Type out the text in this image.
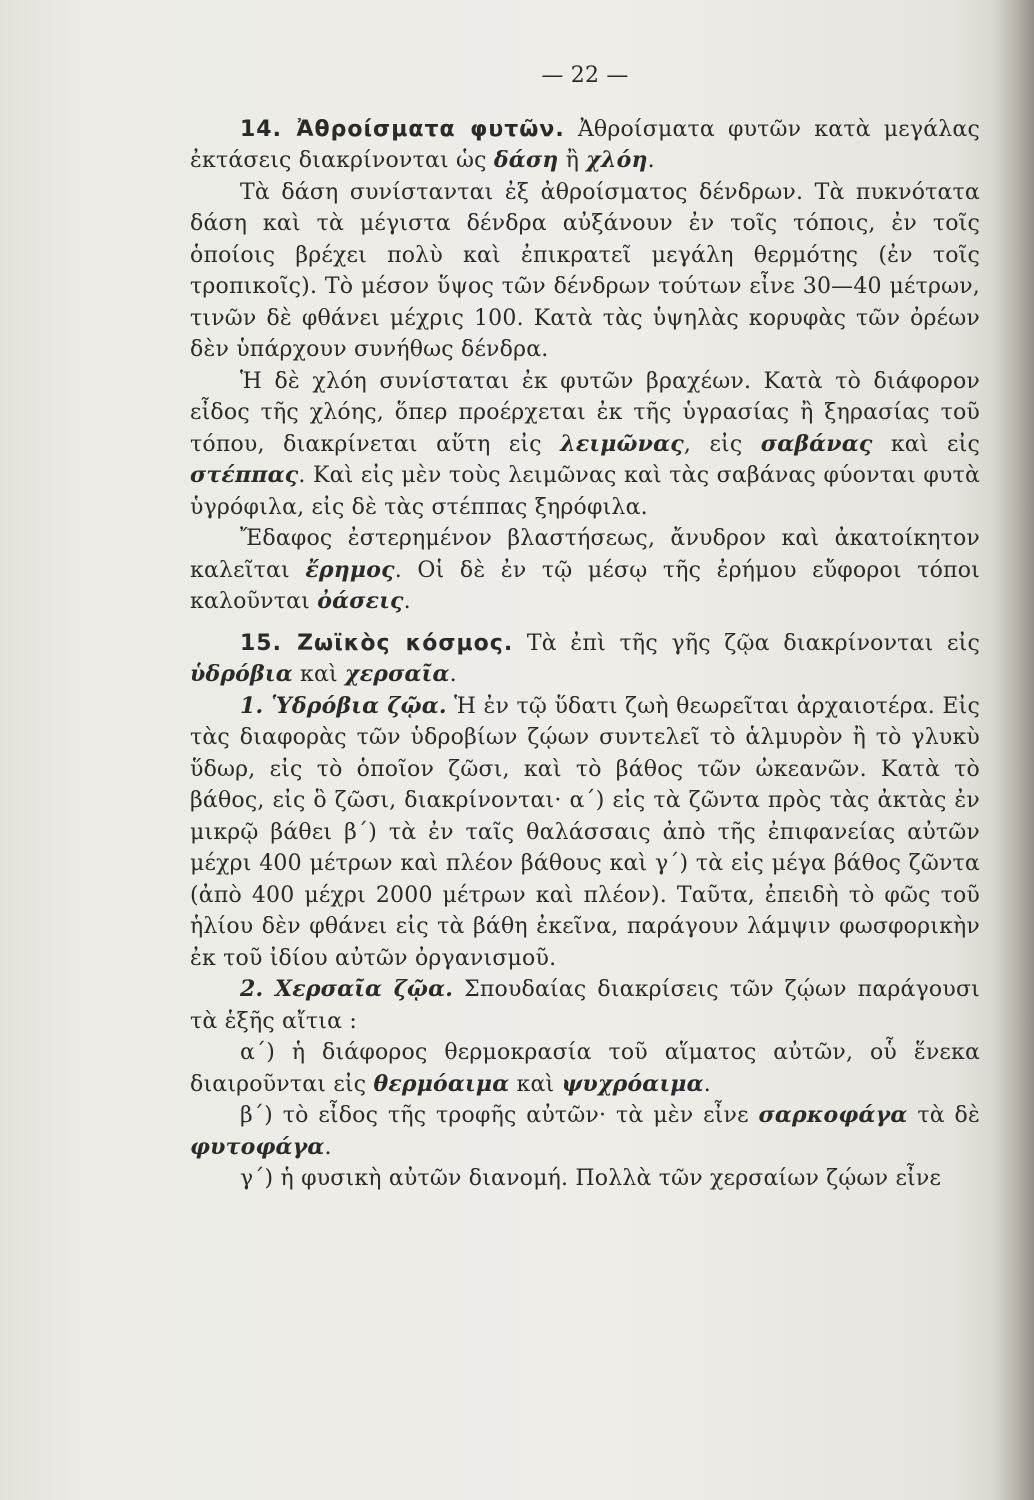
— 22 —

14. Ἀθροίσματα φυτῶν. Ἀθροίσματα φυτῶν κατὰ μεγάλας ἐκτάσεις διακρίνονται ὡς δάση ἢ χλόη.

Τὰ δάση συνίστανται ἐξ ἀθροίσματος δένδρων. Τὰ πυκνότατα δάση καὶ τὰ μέγιστα δένδρα αὐξάνουν ἐν τοῖς τόποις, ἐν τοῖς ὁποίοις βρέχει πολὺ καὶ ἐπικρατεῖ μεγάλη θερμότης (ἐν τοῖς τροπικοῖς). Τὸ μέσον ὕψος τῶν δένδρων τούτων εἶνε 30—40 μέτρων, τινῶν δὲ φθάνει μέχρις 100. Κατὰ τὰς ὑψηλὰς κορυφὰς τῶν ὀρέων δὲν ὑπάρχουν συνήθως δένδρα.

Ἡ δὲ χλόη συνίσταται ἐκ φυτῶν βραχέων. Κατὰ τὸ διάφορον εἶδος τῆς χλόης, ὅπερ προέρχεται ἐκ τῆς ὑγρασίας ἢ ξηρασίας τοῦ τόπου, διακρίνεται αὕτη εἰς λειμῶνας, εἰς σαβάνας καὶ εἰς στέππας. Καὶ εἰς μὲν τοὺς λειμῶνας καὶ τὰς σαβάνας φύονται φυτὰ ὑγρόφιλα, εἰς δὲ τὰς στέππας ξηρόφιλα.

Ἔδαφος ἐστερημένον βλαστήσεως, ἄνυδρον καὶ ἀκατοίκητον καλεῖται ἔρημος. Οἱ δὲ ἐν τῷ μέσῳ τῆς ἐρήμου εὔφοροι τόποι καλοῦνται ὀάσεις.

15. Ζωϊκὸς κόσμος. Τὰ ἐπὶ τῆς γῆς ζῷα διακρίνονται εἰς ὑδρόβια καὶ χερσαῖα.

1. Ὑδρόβια ζῷα. Ἡ ἐν τῷ ὕδατι ζωὴ θεωρεῖται ἀρχαιοτέρα. Εἰς τὰς διαφορὰς τῶν ὑδροβίων ζῴων συντελεῖ τὸ ἁλμυρὸν ἢ τὸ γλυκὺ ὕδωρ, εἰς τὸ ὁποῖον ζῶσι, καὶ τὸ βάθος τῶν ὠκεανῶν. Κατὰ τὸ βάθος, εἰς ὃ ζῶσι, διακρίνονται· α΄) εἰς τὰ ζῶντα πρὸς τὰς ἀκτὰς ἐν μικρῷ βάθει β΄) τὰ ἐν ταῖς θαλάσσαις ἀπὸ τῆς ἐπιφανείας αὐτῶν μέχρι 400 μέτρων καὶ πλέον βάθους καὶ γ΄) τὰ εἰς μέγα βάθος ζῶντα (ἀπὸ 400 μέχρι 2000 μέτρων καὶ πλέον). Ταῦτα, ἐπειδὴ τὸ φῶς τοῦ ἡλίου δὲν φθάνει εἰς τὰ βάθη ἐκεῖνα, παράγουν λάμψιν φωσφορικὴν ἐκ τοῦ ἰδίου αὐτῶν ὀργανισμοῦ.

2. Χερσαῖα ζῷα. Σπουδαίας διακρίσεις τῶν ζῴων παράγουσι τὰ ἑξῆς αἴτια :

α΄) ἡ διάφορος θερμοκρασία τοῦ αἵματος αὐτῶν, οὗ ἕνεκα διαιροῦνται εἰς θερμόαιμα καὶ ψυχρόαιμα.

β΄) τὸ εἶδος τῆς τροφῆς αὐτῶν· τὰ μὲν εἶνε σαρκοφάγα τὰ δὲ φυτοφάγα.

γ΄) ἡ φυσικὴ αὐτῶν διανομή. Πολλὰ τῶν χερσαίων ζῴων εἶνε
